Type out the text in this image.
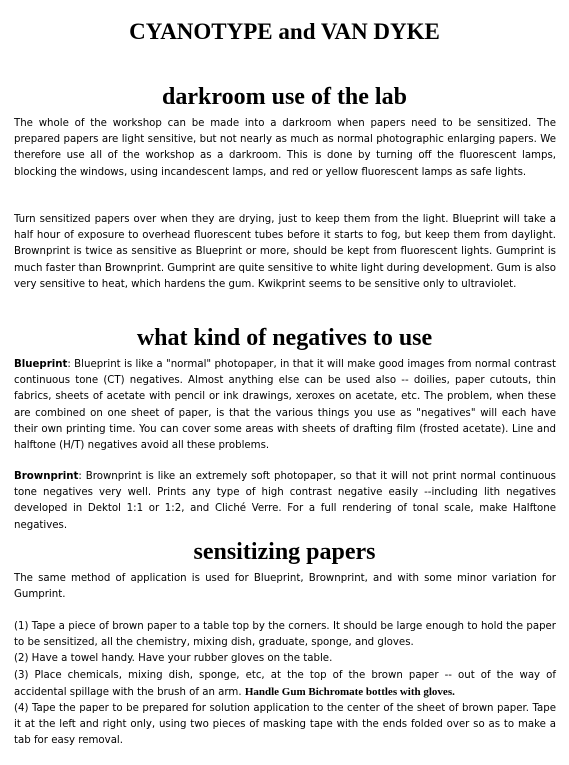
CYANOTYPE and VAN DYKE
darkroom use of the lab

The whole of the workshop can be made into a darkroom when papers need to be sensitized. The prepared papers are light sensitive, but not nearly as much as normal photographic enlarging papers. We therefore use all of the workshop as a darkroom. This is done by turning off the fluorescent lamps, blocking the windows, using incandescent lamps, and red or yellow fluorescent lamps as safe lights.

Turn sensitized papers over when they are drying, just to keep them from the light. Blueprint will take a half hour of exposure to overhead fluorescent tubes before it starts to fog, but keep them from daylight. Brownprint is twice as sensitive as Blueprint or more, should be kept from fluorescent lights. Gumprint is much faster than Brownprint. Gumprint are quite sensitive to white light during development. Gum is also very sensitive to heat, which hardens the gum. Kwikprint seems to be sensitive only to ultraviolet.

what kind of negatives to use

Blueprint: Blueprint is like a "normal" photopaper, in that it will make good images from normal contrast continuous tone (CT) negatives. Almost anything else can be used also -- doilies, paper cutouts, thin fabrics, sheets of acetate with pencil or ink drawings, xeroxes on acetate, etc. The problem, when these are combined on one sheet of paper, is that the various things you use as "negatives" will each have their own printing time. You can cover some areas with sheets of drafting film (frosted acetate). Line and halftone (H/T) negatives avoid all these problems.

Brownprint: Brownprint is like an extremely soft photopaper, so that it will not print normal continuous tone negatives very well. Prints any type of high contrast negative easily --including lith negatives developed in Dektol 1:1 or 1:2, and Cliché Verre. For a full rendering of tonal scale, make Halftone negatives.

sensitizing papers

The same method of application is used for Blueprint, Brownprint, and with some minor variation for Gumprint.

(1) Tape a piece of brown paper to a table top by the corners. It should be large enough to hold the paper to be sensitized, all the chemistry, mixing dish, graduate, sponge, and gloves.
(2) Have a towel handy. Have your rubber gloves on the table.
(3) Place chemicals, mixing dish, sponge, etc, at the top of the brown paper -- out of the way of accidental spillage with the brush of an arm. Handle Gum Bichromate bottles with gloves.
(4) Tape the paper to be prepared for solution application to the center of the sheet of brown paper. Tape it at the left and right only, using two pieces of masking tape with the ends folded over so as to make a tab for easy removal.
